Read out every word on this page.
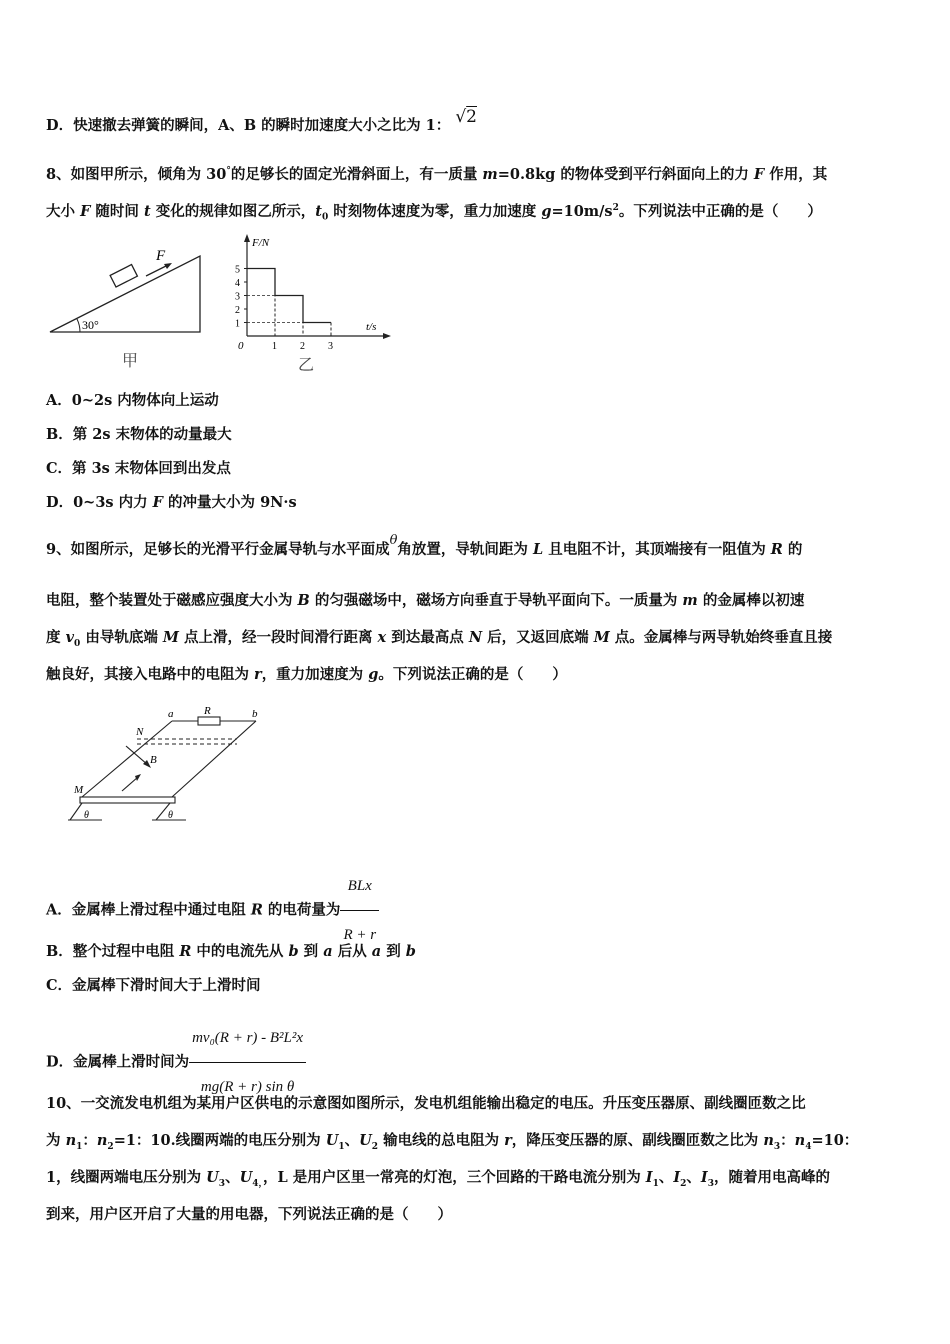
D．快速撤去弹簧的瞬间，A、B 的瞬时加速度大小之比为 1： √2
8、如图甲所示，倾角为 30°的足够长的固定光滑斜面上，有一质量 m=0.8kg 的物体受到平行斜面向上的力 F 作用，其
大小 F 随时间 t 变化的规律如图乙所示，$t_0$ 时刻物体速度为零，重力加速度 $g=10m/s^2$。下列说法中正确的是（　　）
F
30°
甲
F/N
t/s
0
1
2
3
4
5
1 2 3
乙
A．0~2s 内物体向上运动
B．第 2s 末物体的动量最大
C．第 3s 末物体回到出发点
D．0~3s 内力 F 的冲量大小为 9N·s
9、如图所示，足够长的光滑平行金属导轨与水平面成θ角放置，导轨间距为 L 且电阻不计，其顶端接有一阻值为 R 的
电阻，整个装置处于磁感应强度大小为 B 的匀强磁场中，磁场方向垂直于导轨平面向下。一质量为 m 的金属棒以初速
度 $v_0$ 由导轨底端 M 点上滑，经一段时间滑行距离 x 到达最高点 N 后，又返回底端 M 点。金属棒与两导轨始终垂直且接
触良好，其接入电路中的电阻为 r，重力加速度为 g。下列说法正确的是（　　）
a	R	b
N
B
M
θ	θ
A．金属棒上滑过程中通过电阻 R 的电荷量为 $\frac{\text{BLx}}{R + r}$
B．整个过程中电阻 R 中的电流先从 b 到 a 后从 a 到 b
C．金属棒下滑时间大于上滑时间
D．金属棒上滑时间为 $\frac{\text{mv₀(R + r) - B²L²x}}{\text{mg(R + r) sin θ}}$
10、一交流发电机组为某用户区供电的示意图如图所示，发电机组能输出稳定的电压。升压变压器原、副线圈匝数之比
为 $n_1$：$n_2=1$：10.线圈两端的电压分别为 $U_1$、$U_2$ 输电线的总电阻为 r，降压变压器的原、副线圈匝数之比为 $n_3$：$n_4=10$：
1，线圈两端电压分别为 $U_3$、$U_{4,}$，L 是用户区里一常亮的灯泡，三个回路的干路电流分别为 $I_1$、$I_2$、$I_3$，随着用电高峰的
到来，用户区开启了大量的用电器，下列说法正确的是（　　）
